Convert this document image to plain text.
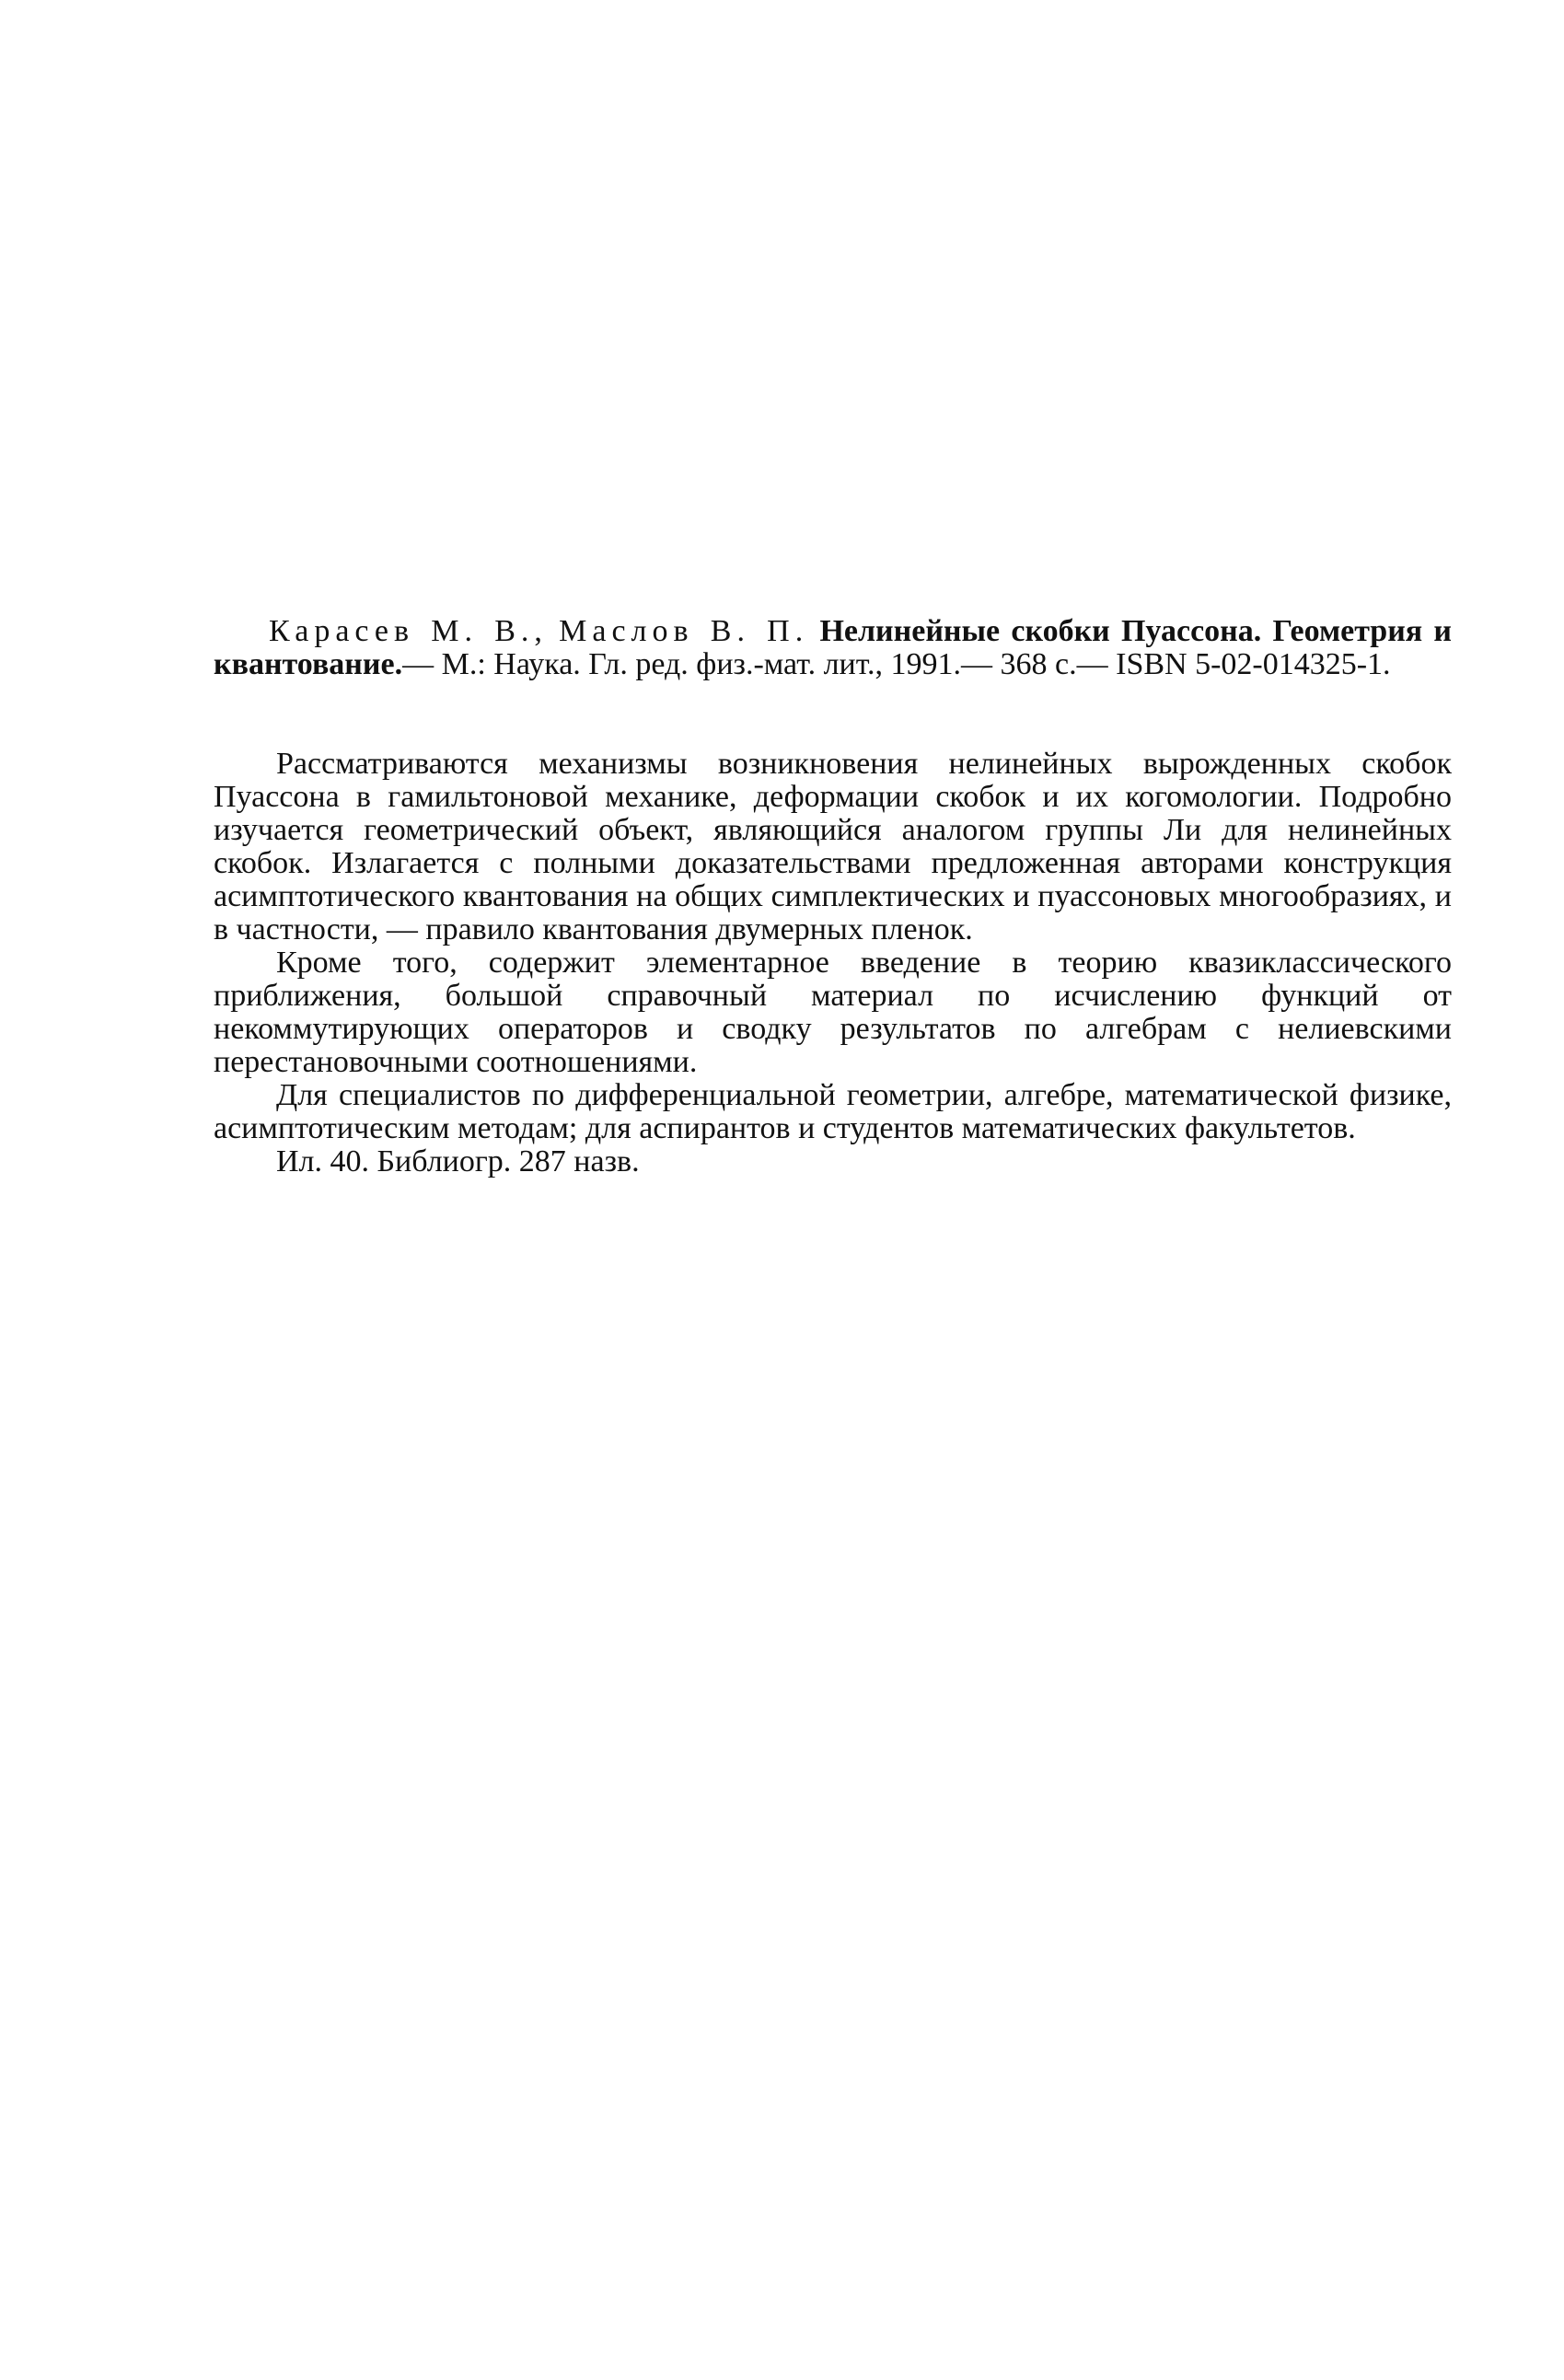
Карасев М. В., Маслов В. П. Нелинейные скобки Пуассона. Геометрия и квантование.— М.: Наука. Гл. ред. физ.-мат. лит., 1991.— 368 с.— ISBN 5-02-014325-1.

Рассматриваются механизмы возникновения нелинейных вырожденных скобок Пуассона в гамильтоновой механике, деформации скобок и их когомологии. Подробно изучается геометрический объект, являющийся аналогом группы Ли для нелинейных скобок. Излагается с полными доказательствами предложенная авторами конструкция асимптотического квантования на общих симплектических и пуассоновых многообразиях, и в частности, — правило квантования двумерных пленок.

Кроме того, содержит элементарное введение в теорию квазиклассического приближения, большой справочный материал по исчислению функций от некоммутирующих операторов и сводку результатов по алгебрам с нелиевскими перестановочными соотношениями.

Для специалистов по дифференциальной геометрии, алгебре, математической физике, асимптотическим методам; для аспирантов и студентов математических факультетов.

Ил. 40. Библиогр. 287 назв.
